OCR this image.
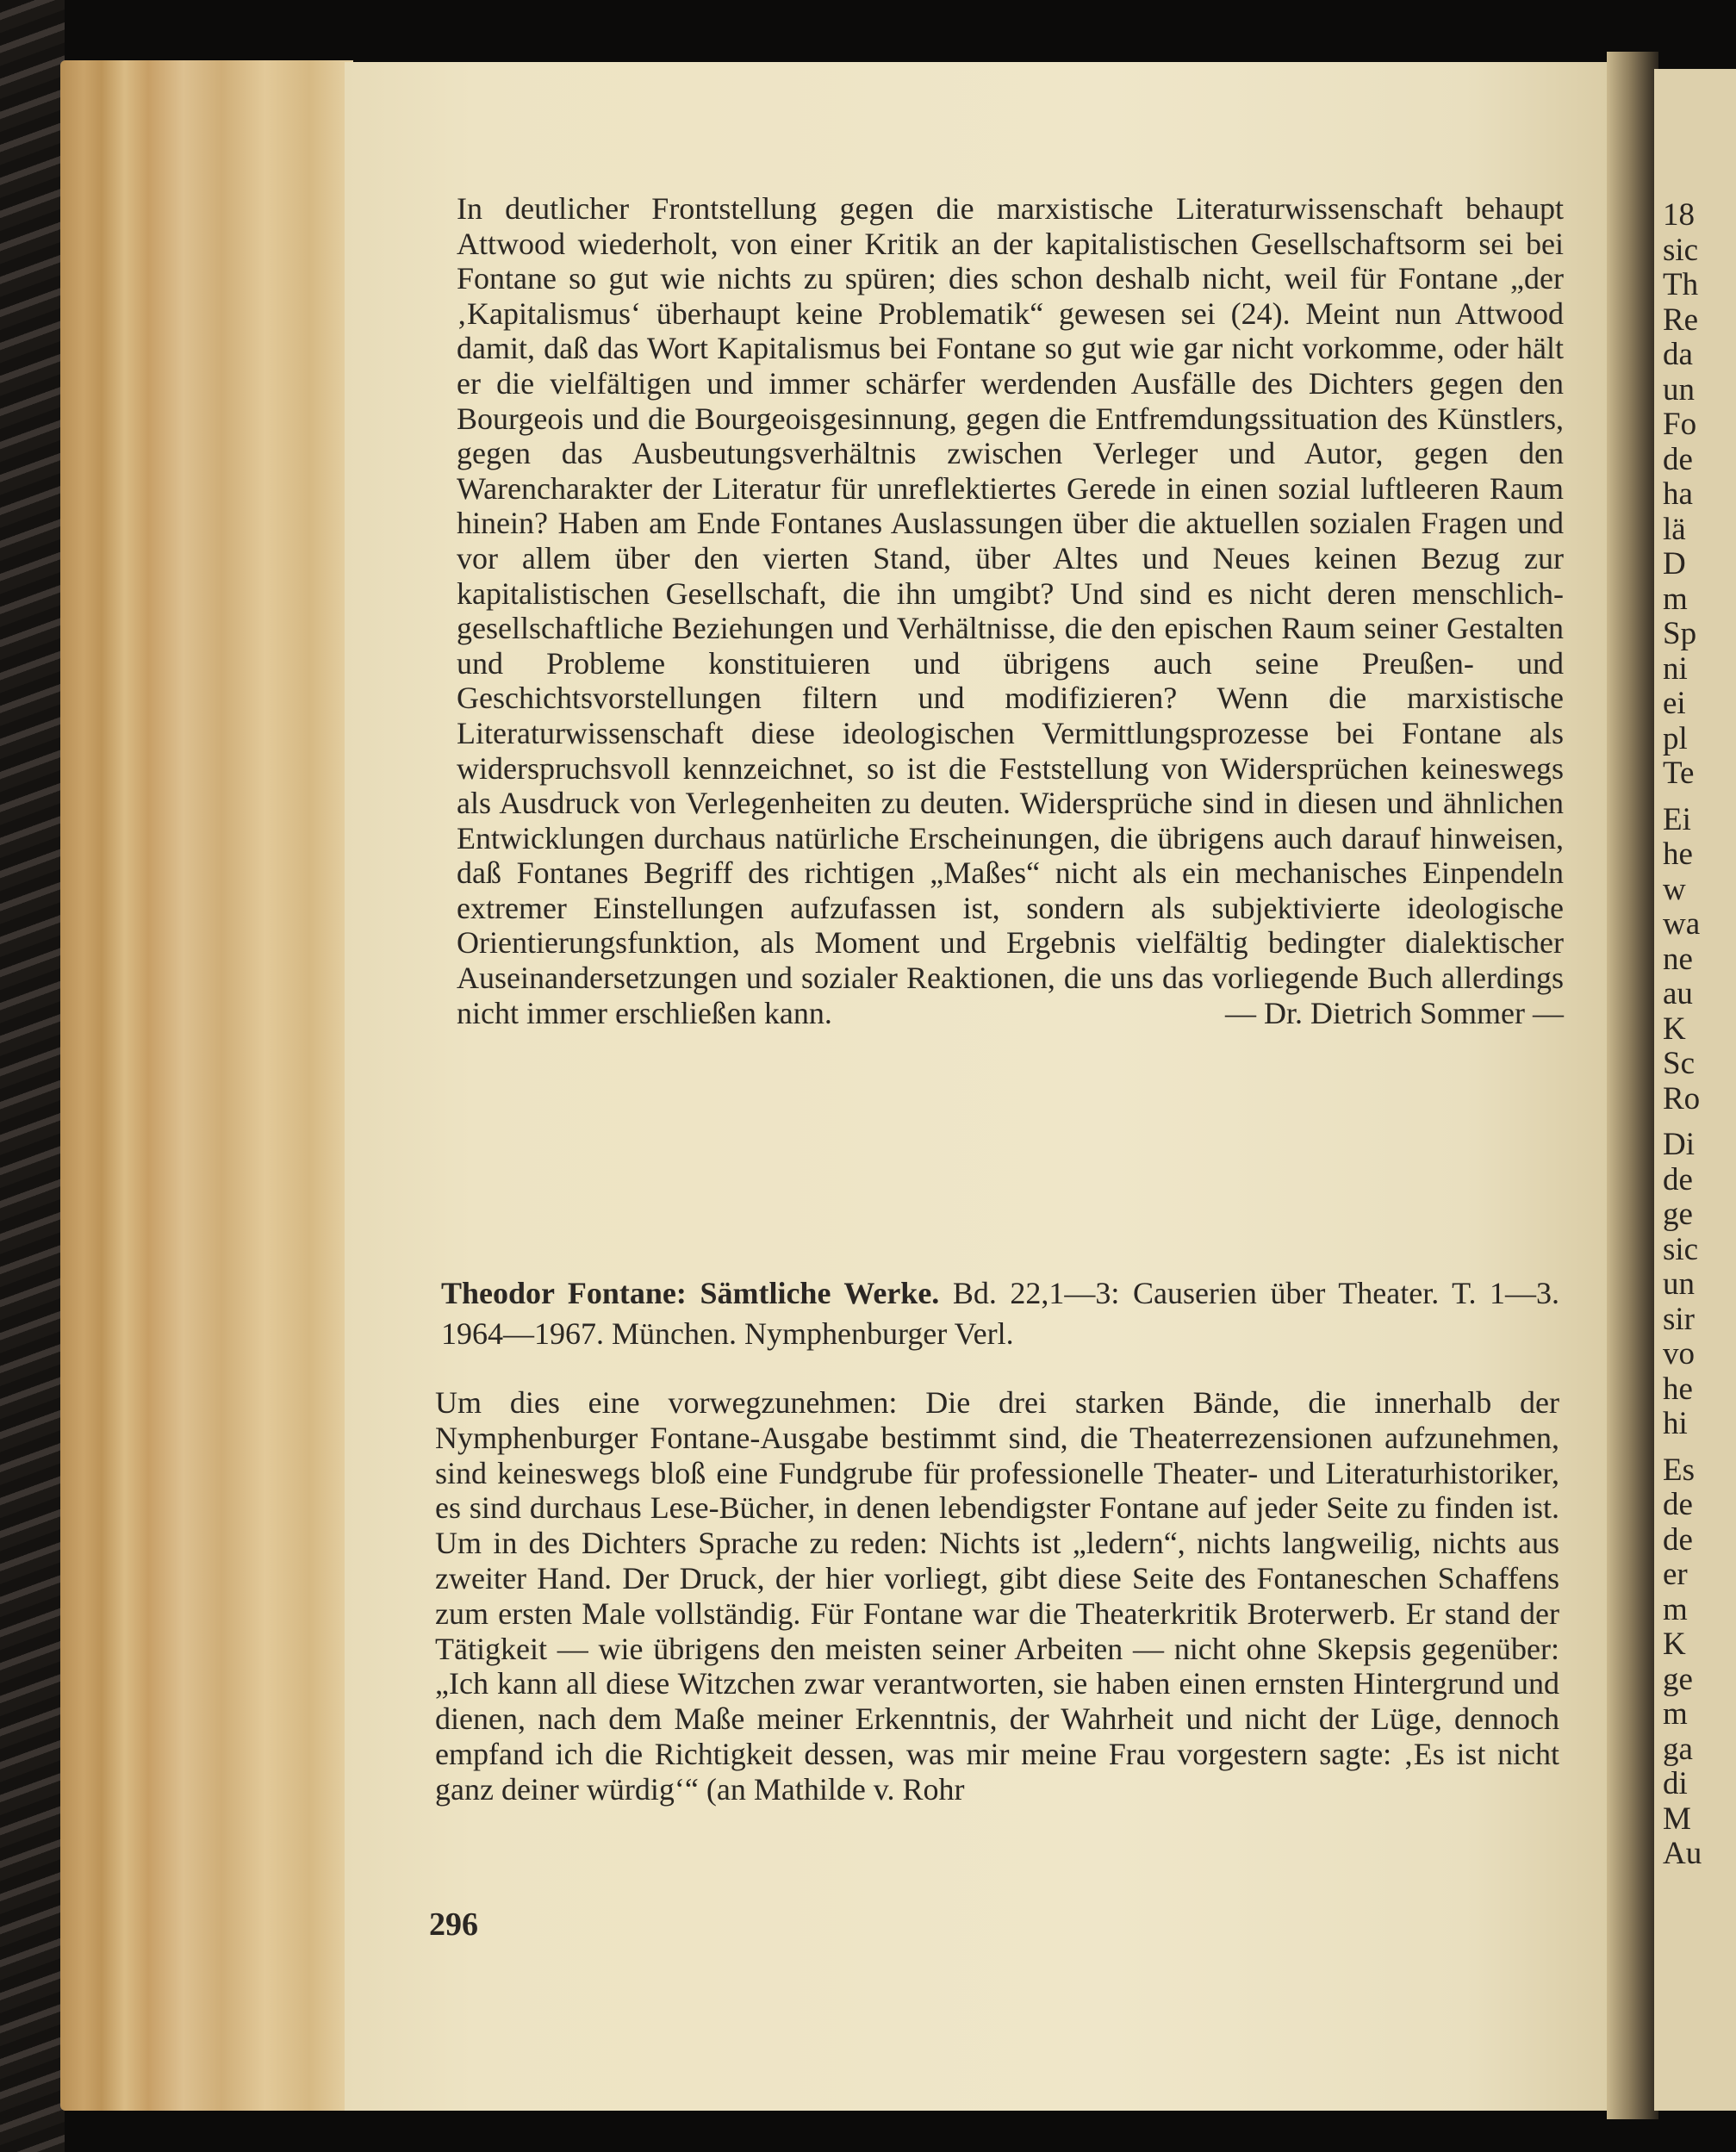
In deutlicher Frontstellung gegen die marxistische Literaturwissenschaft behaupt Attwood wiederholt, von einer Kritik an der kapitalistischen Gesellschaftsorm sei bei Fontane so gut wie nichts zu spüren; dies schon deshalb nicht, weil für Fontane „der ‚Kapitalismus‘ überhaupt keine Problematik“ gewesen sei (24). Meint nun Attwood damit, daß das Wort Kapitalismus bei Fontane so gut wie gar nicht vorkomme, oder hält er die vielfältigen und immer schärfer werdenden Ausfälle des Dichters gegen den Bourgeois und die Bourgeoisgesinnung, gegen die Entfremdungssituation des Künstlers, gegen das Ausbeutungsverhältnis zwischen Verleger und Autor, gegen den Warencharakter der Literatur für unreflektiertes Gerede in einen sozial luftleeren Raum hinein? Haben am Ende Fontanes Auslassungen über die aktuellen sozialen Fragen und vor allem über den vierten Stand, über Altes und Neues keinen Bezug zur kapitalistischen Gesellschaft, die ihn umgibt? Und sind es nicht deren menschlich-gesellschaftliche Beziehungen und Verhältnisse, die den epischen Raum seiner Gestalten und Probleme konstituieren und übrigens auch seine Preußen- und Geschichtsvorstellungen filtern und modifizieren? Wenn die marxistische Literaturwissenschaft diese ideologischen Vermittlungsprozesse bei Fontane als widerspruchsvoll kennzeichnet, so ist die Feststellung von Widersprüchen keineswegs als Ausdruck von Verlegenheiten zu deuten. Widersprüche sind in diesen und ähnlichen Entwicklungen durchaus natürliche Erscheinungen, die übrigens auch darauf hinweisen, daß Fontanes Begriff des richtigen „Maßes“ nicht als ein mechanisches Einpendeln extremer Einstellungen aufzufassen ist, sondern als subjektivierte ideologische Orientierungsfunktion, als Moment und Ergebnis vielfältig bedingter dialektischer Auseinandersetzungen und sozialer Reaktionen, die uns das vorliegende Buch allerdings nicht immer erschließen kann.	— Dr. Dietrich Sommer —
Theodor Fontane: Sämtliche Werke. Bd. 22,1—3: Causerien über Theater. T. 1—3. 1964—1967. München. Nymphenburger Verl.

Um dies eine vorwegzunehmen: Die drei starken Bände, die innerhalb der Nymphenburger Fontane-Ausgabe bestimmt sind, die Theaterrezensionen aufzunehmen, sind keineswegs bloß eine Fundgrube für professionelle Theater- und Literaturhistoriker, es sind durchaus Lese-Bücher, in denen lebendigster Fontane auf jeder Seite zu finden ist. Um in des Dichters Sprache zu reden: Nichts ist „ledern“, nichts langweilig, nichts aus zweiter Hand. Der Druck, der hier vorliegt, gibt diese Seite des Fontaneschen Schaffens zum ersten Male vollständig. Für Fontane war die Theaterkritik Broterwerb. Er stand der Tätigkeit — wie übrigens den meisten seiner Arbeiten — nicht ohne Skepsis gegenüber: „Ich kann all diese Witzchen zwar verantworten, sie haben einen ernsten Hintergrund und dienen, nach dem Maße meiner Erkenntnis, der Wahrheit und nicht der Lüge, dennoch empfand ich die Richtigkeit dessen, was mir meine Frau vorgestern sagte: ‚Es ist nicht ganz deiner würdig‘“ (an Mathilde v. Rohr

296
18
sic
Th
Re
da
un
Fo
de
ha
lä
D
m
Sp
ni
ei
pl
Te
Ei
he
w
wa
ne
au
K
Sc
Ro
Di
de
ge
sic
un
sir
vo
he
hi
Es
de
de
er
m
K
ge
m
ga
di
M
Au
